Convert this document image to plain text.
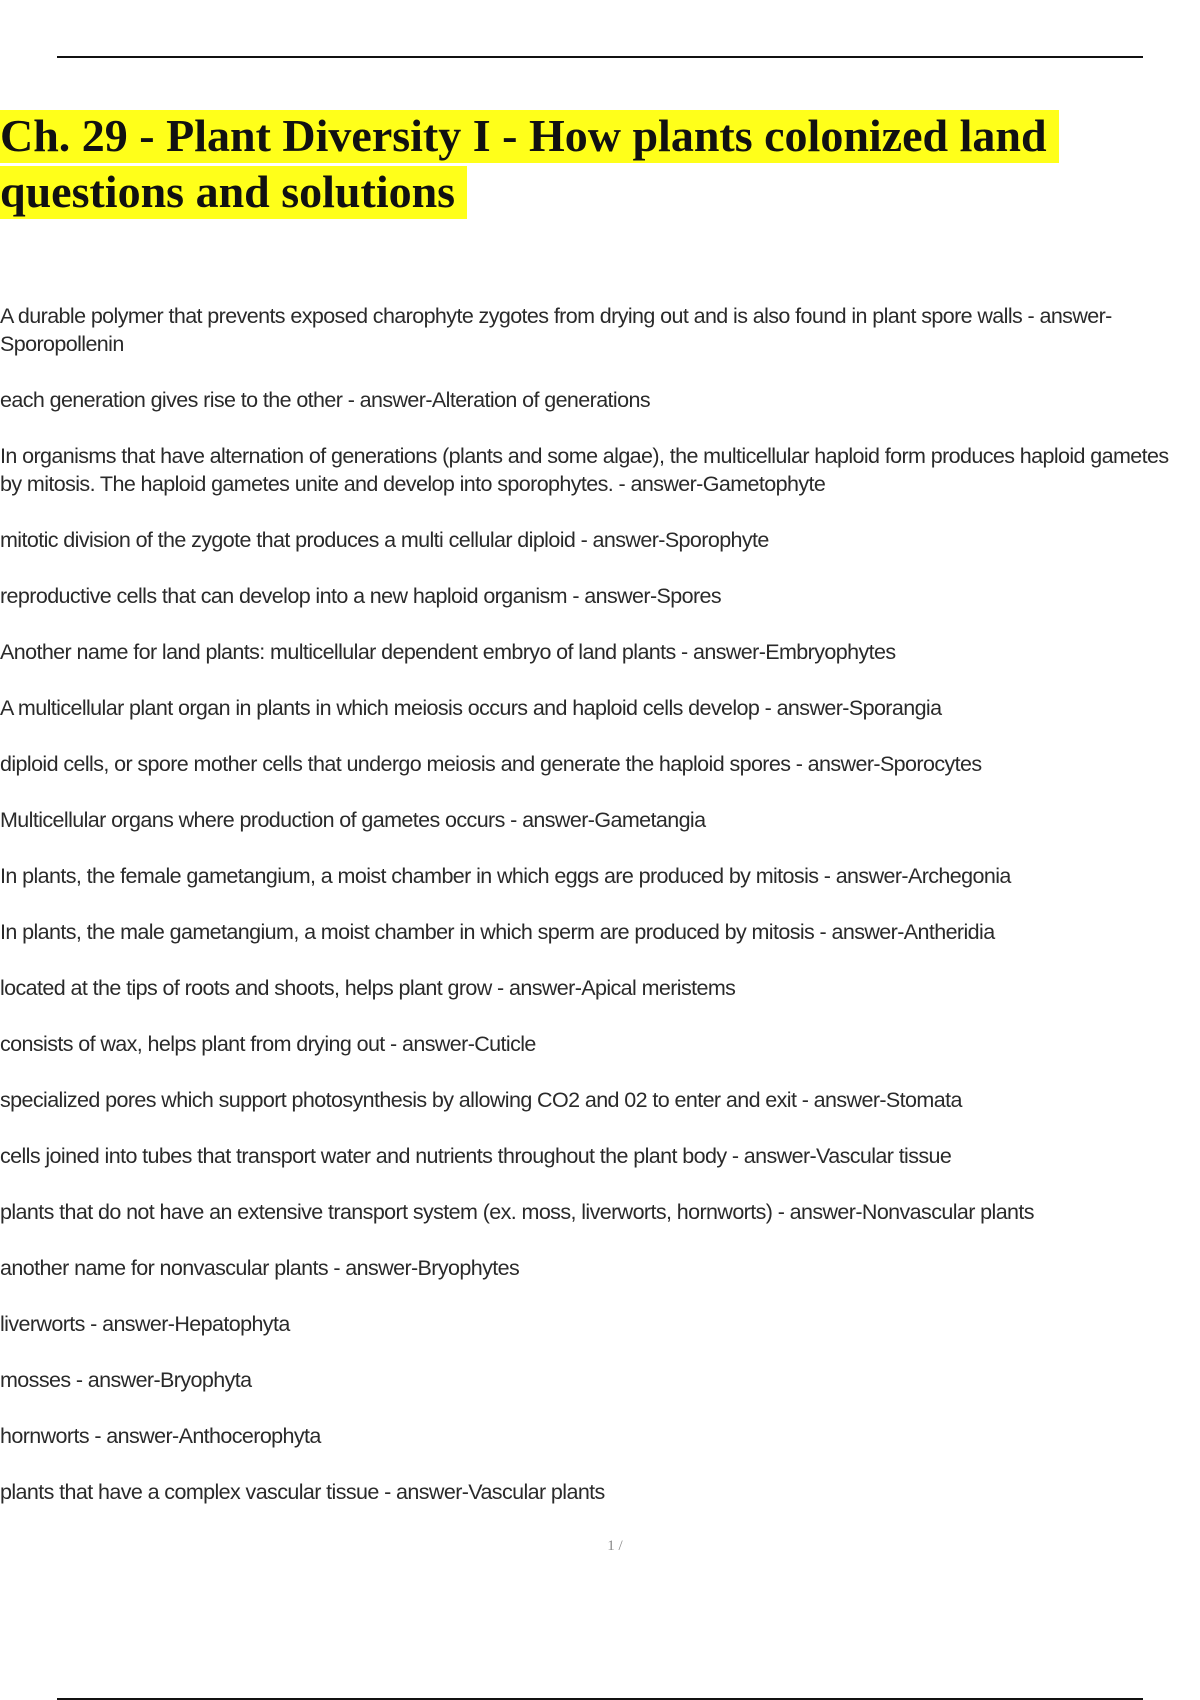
Ch. 29 - Plant Diversity I - How plants colonized land questions and solutions
A durable polymer that prevents exposed charophyte zygotes from drying out and is also found in plant spore walls - answer-Sporopollenin
each generation gives rise to the other - answer-Alteration of generations
In organisms that have alternation of generations (plants and some algae), the multicellular haploid form produces haploid gametes by mitosis. The haploid gametes unite and develop into sporophytes. - answer-Gametophyte
mitotic division of the zygote that produces a multi cellular diploid - answer-Sporophyte
reproductive cells that can develop into a new haploid organism - answer-Spores
Another name for land plants: multicellular dependent embryo of land plants - answer-Embryophytes
A multicellular plant organ in plants in which meiosis occurs and haploid cells develop - answer-Sporangia
diploid cells, or spore mother cells that undergo meiosis and generate the haploid spores - answer-Sporocytes
Multicellular organs where production of gametes occurs - answer-Gametangia
In plants, the female gametangium, a moist chamber in which eggs are produced by mitosis - answer-Archegonia
In plants, the male gametangium, a moist chamber in which sperm are produced by mitosis - answer-Antheridia
located at the tips of roots and shoots, helps plant grow - answer-Apical meristems
consists of wax, helps plant from drying out - answer-Cuticle
specialized pores which support photosynthesis by allowing CO2 and 02 to enter and exit - answer-Stomata
cells joined into tubes that transport water and nutrients throughout the plant body - answer-Vascular tissue
plants that do not have an extensive transport system (ex. moss, liverworts, hornworts) - answer-Nonvascular plants
another name for nonvascular plants - answer-Bryophytes
liverworts - answer-Hepatophyta
mosses - answer-Bryophyta
hornworts - answer-Anthocerophyta
plants that have a complex vascular tissue - answer-Vascular plants
1 /
